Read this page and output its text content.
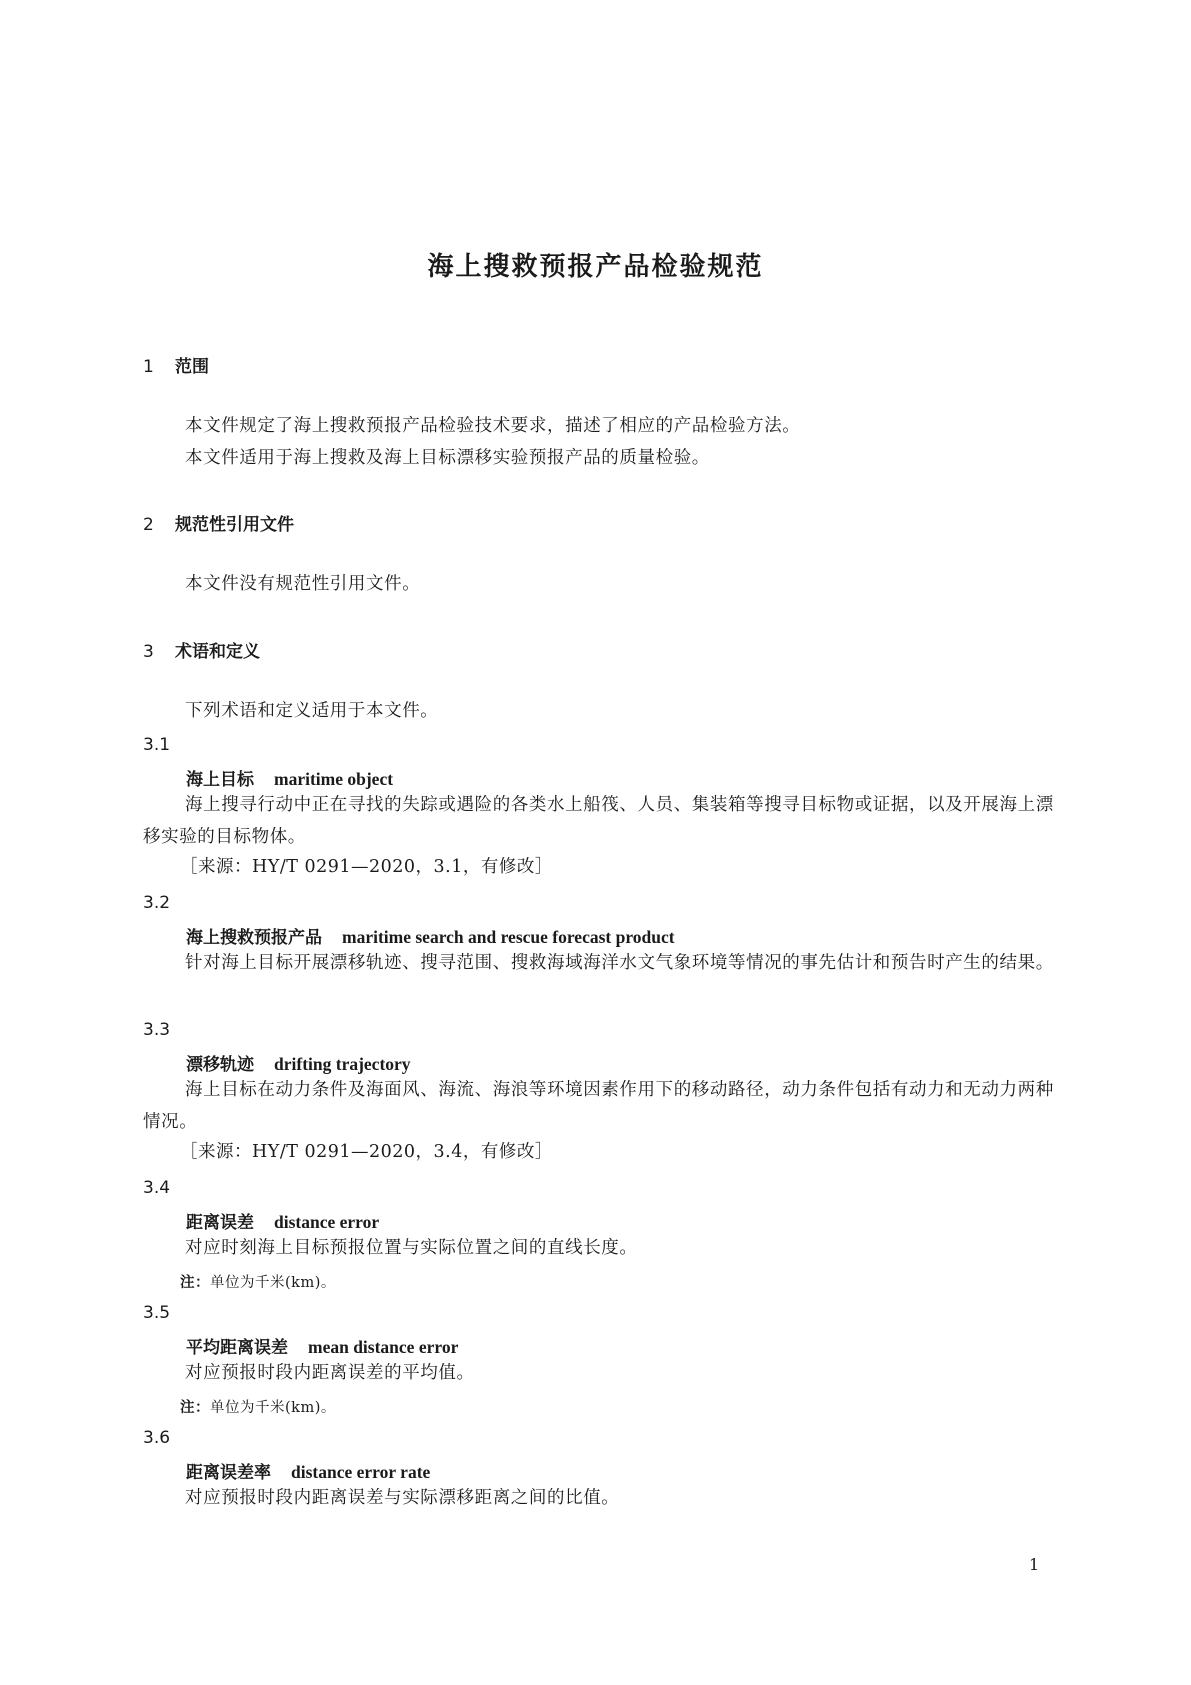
海上搜救预报产品检验规范
1 范围
本文件规定了海上搜救预报产品检验技术要求，描述了相应的产品检验方法。
本文件适用于海上搜救及海上目标漂移实验预报产品的质量检验。
2 规范性引用文件
本文件没有规范性引用文件。
3 术语和定义
下列术语和定义适用于本文件。
3.1
海上目标 maritime object
海上搜寻行动中正在寻找的失踪或遇险的各类水上船筏、人员、集装箱等搜寻目标物或证据，以及开展海上漂移实验的目标物体。
［来源：HY/T 0291—2020，3.1，有修改］
3.2
海上搜救预报产品 maritime search and rescue forecast product
针对海上目标开展漂移轨迹、搜寻范围、搜救海域海洋水文气象环境等情况的事先估计和预告时产生的结果。
3.3
漂移轨迹 drifting trajectory
海上目标在动力条件及海面风、海流、海浪等环境因素作用下的移动路径，动力条件包括有动力和无动力两种情况。
［来源：HY/T 0291—2020，3.4，有修改］
3.4
距离误差 distance error
对应时刻海上目标预报位置与实际位置之间的直线长度。
注：单位为千米(km)。
3.5
平均距离误差 mean distance error
对应预报时段内距离误差的平均值。
注：单位为千米(km)。
3.6
距离误差率 distance error rate
对应预报时段内距离误差与实际漂移距离之间的比值。
1
